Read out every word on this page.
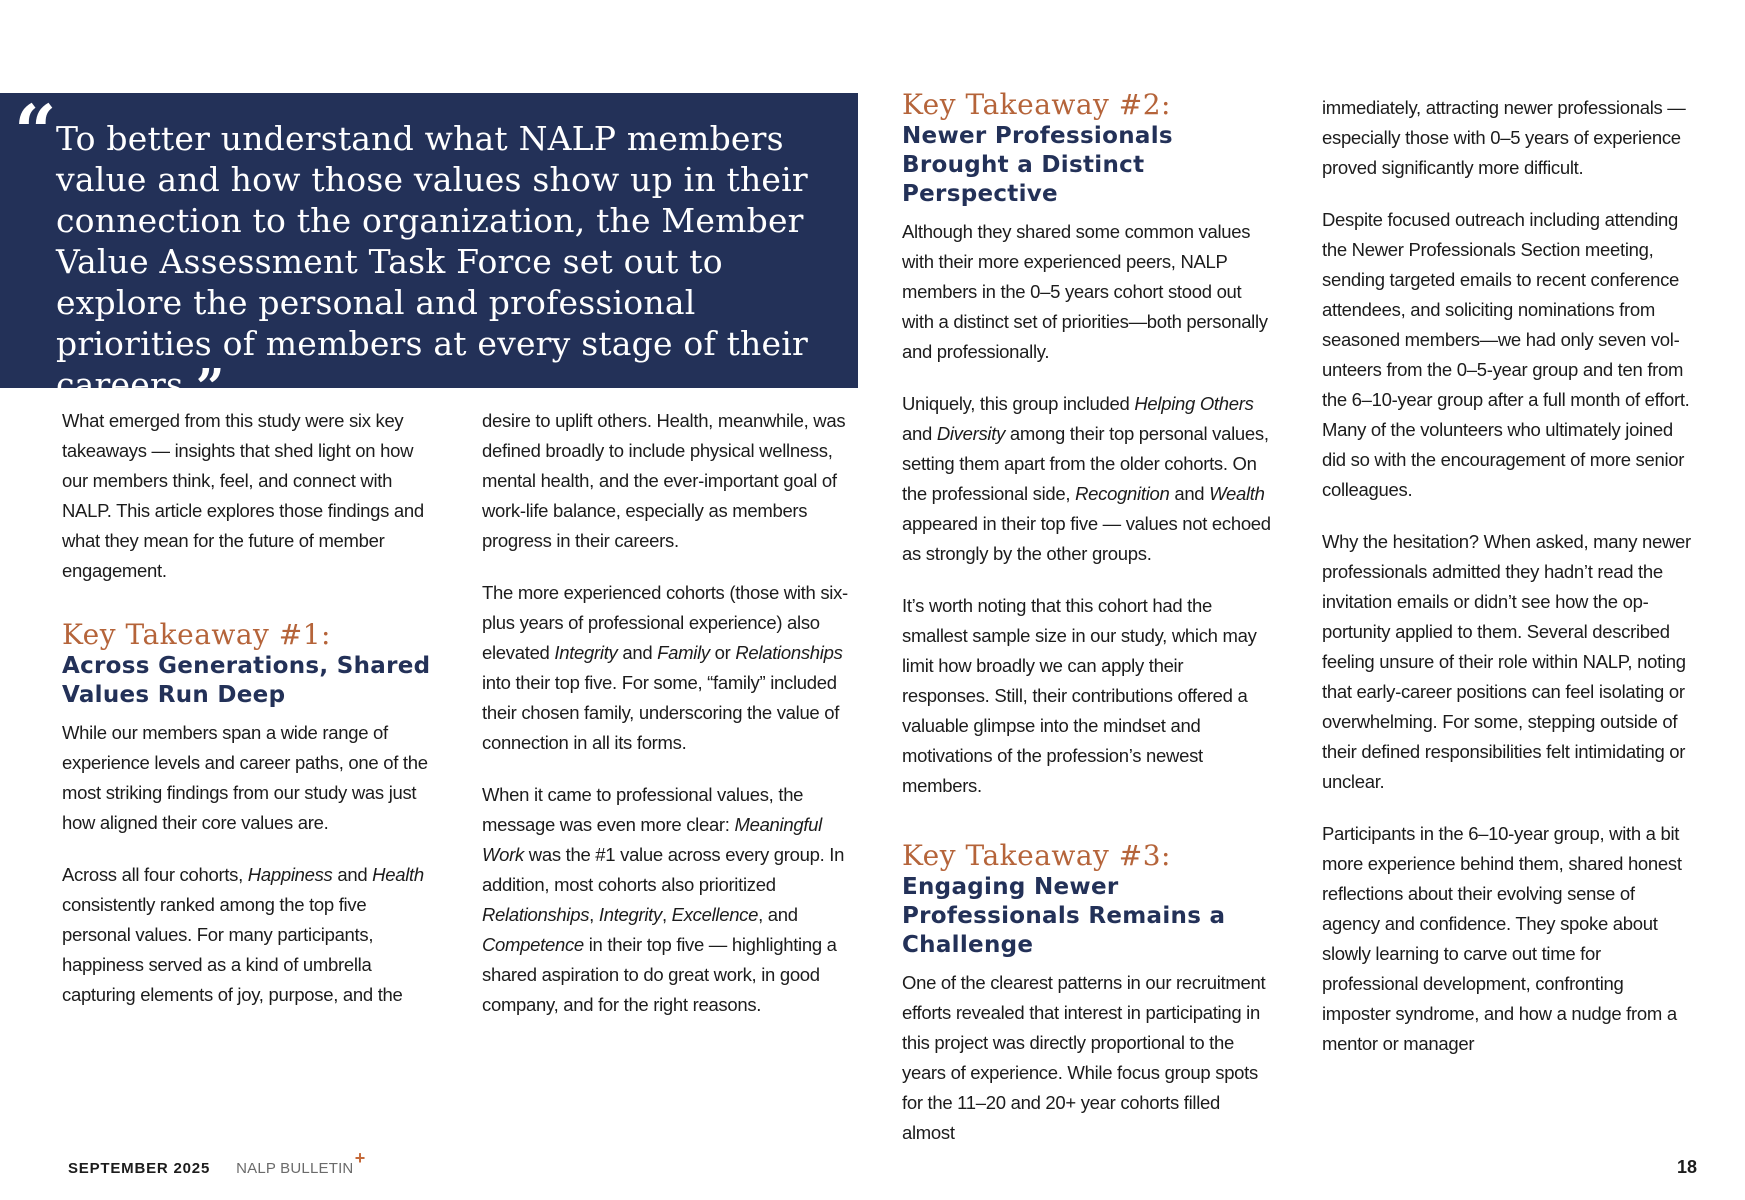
“ To better understand what NALP members value and how those values show up in their connection to the organization, the Member Value Assessment Task Force set out to explore the personal and professional priorities of members at every stage of their careers.”

What emerged from this study were six key takeaways — insights that shed light on how our members think, feel, and connect with NALP. This article explores those findings and what they mean for the future of member engagement.

Key Takeaway #1:
Across Generations, Shared Values Run Deep

While our members span a wide range of experience levels and career paths, one of the most striking findings from our study was just how aligned their core values are.

Across all four cohorts, Happiness and Health consistently ranked among the top five personal values. For many participants, happiness served as a kind of umbrella capturing elements of joy, purpose, and the

desire to uplift others. Health, meanwhile, was defined broadly to include physical wellness, mental health, and the ever-important goal of work-life balance, especially as members progress in their careers.

The more experienced cohorts (those with six-plus years of professional experience) also elevated Integrity and Family or Relationships into their top five. For some, “family” included their chosen family, underscoring the value of connection in all its forms.

When it came to professional values, the message was even more clear: Meaningful Work was the #1 value across every group. In addition, most cohorts also prioritized Relationships, Integrity, Excellence, and Competence in their top five — highlighting a shared aspiration to do great work, in good company, and for the right reasons.

Key Takeaway #2:
Newer Professionals Brought a Distinct Perspective

Although they shared some common values with their more experienced peers, NALP members in the 0–5 years cohort stood out with a distinct set of priorities—both personally and professionally.

Uniquely, this group included Helping Others and Diversity among their top personal values, setting them apart from the older cohorts. On the professional side, Recognition and Wealth appeared in their top five — values not echoed as strongly by the other groups.

It’s worth noting that this cohort had the smallest sample size in our study, which may limit how broadly we can apply their responses. Still, their contributions offered a valuable glimpse into the mindset and motivations of the profession’s newest members.

Key Takeaway #3:
Engaging Newer Professionals Remains a Challenge

One of the clearest patterns in our recruitment efforts revealed that interest in participating in this project was directly proportional to the years of experience. While focus group spots for the 11–20 and 20+ year cohorts filled almost

immediately, attracting newer professionals — especially those with 0–5 years of experience proved significantly more difficult.

Despite focused outreach including attending the Newer Professionals Section meeting, sending targeted emails to recent conference attendees, and soliciting nominations from seasoned members—we had only seven vol-unteers from the 0–5-year group and ten from the 6–10-year group after a full month of effort. Many of the volunteers who ultimately joined did so with the encouragement of more senior colleagues.

Why the hesitation? When asked, many newer professionals admitted they hadn’t read the invitation emails or didn’t see how the op-portunity applied to them. Several described feeling unsure of their role within NALP, noting that early-career positions can feel isolating or overwhelming. For some, stepping outside of their defined responsibilities felt intimidating or unclear.

Participants in the 6–10-year group, with a bit more experience behind them, shared honest reflections about their evolving sense of agency and confidence. They spoke about slowly learning to carve out time for professional development, confronting imposter syndrome, and how a nudge from a mentor or manager

SEPTEMBER 2025 NALP BULLETIN
+	18
